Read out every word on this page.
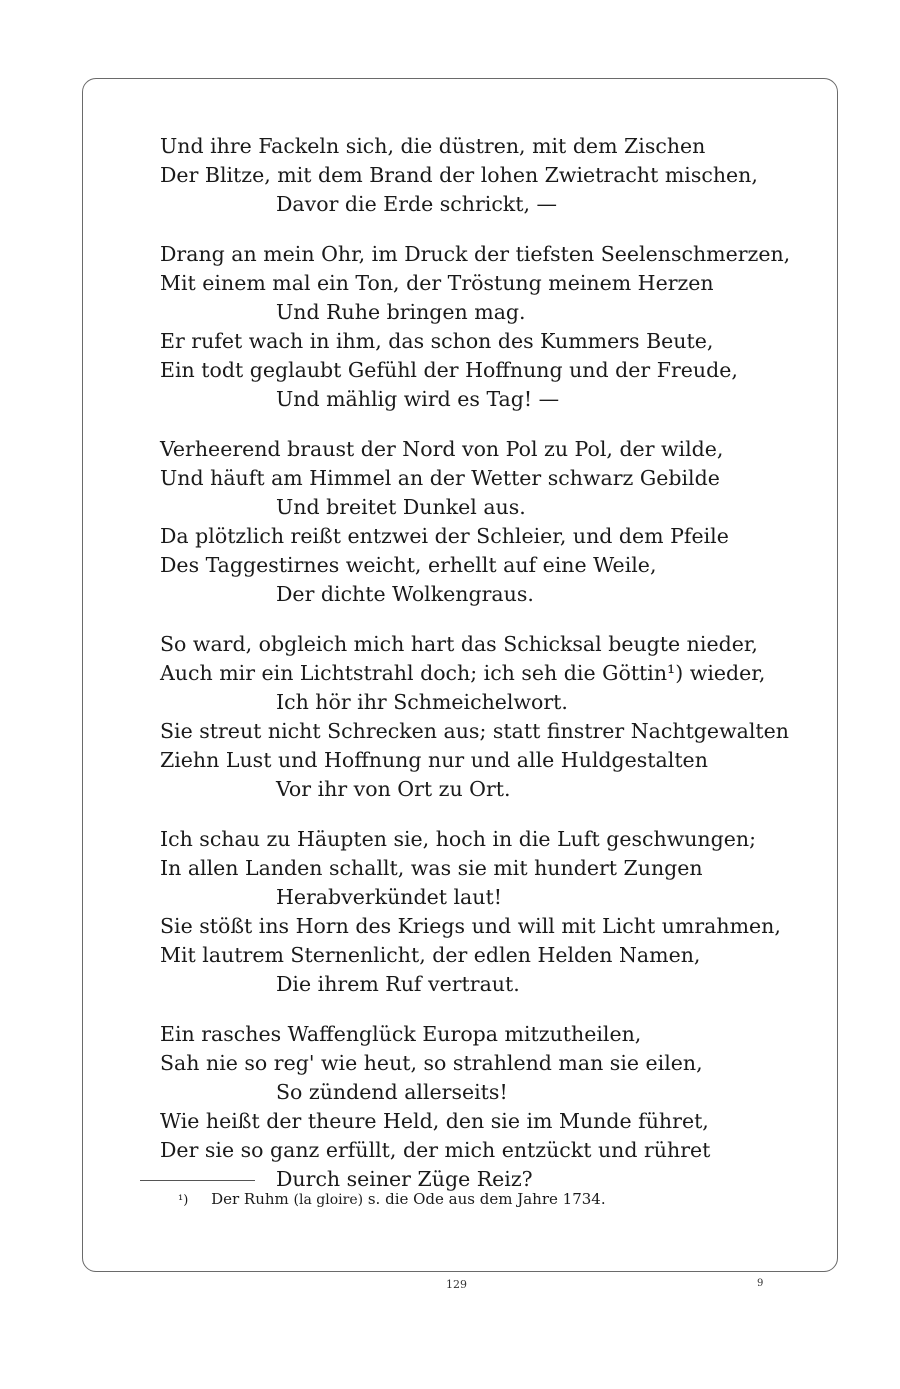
Und ihre Fackeln sich, die düstren, mit dem Zischen
Der Blitze, mit dem Brand der lohen Zwietracht mischen,
Davor die Erde schrickt, —
Drang an mein Ohr, im Druck der tiefsten Seelenschmerzen,
Mit einem mal ein Ton, der Tröstung meinem Herzen
Und Ruhe bringen mag.
Er rufet wach in ihm, das schon des Kummers Beute,
Ein todt geglaubt Gefühl der Hoffnung und der Freude,
Und mählig wird es Tag! —
Verheerend braust der Nord von Pol zu Pol, der wilde,
Und häuft am Himmel an der Wetter schwarz Gebilde
Und breitet Dunkel aus.
Da plötzlich reißt entzwei der Schleier, und dem Pfeile
Des Taggestirnes weicht, erhellt auf eine Weile,
Der dichte Wolkengraus.
So ward, obgleich mich hart das Schicksal beugte nieder,
Auch mir ein Lichtstrahl doch; ich seh die Göttin¹) wieder,
Ich hör ihr Schmeichelwort.
Sie streut nicht Schrecken aus; statt finstrer Nachtgewalten
Ziehn Lust und Hoffnung nur und alle Huldgestalten
Vor ihr von Ort zu Ort.
Ich schau zu Häupten sie, hoch in die Luft geschwungen;
In allen Landen schallt, was sie mit hundert Zungen
Herabverkündet laut!
Sie stößt ins Horn des Kriegs und will mit Licht umrahmen,
Mit lautrem Sternenlicht, der edlen Helden Namen,
Die ihrem Ruf vertraut.
Ein rasches Waffenglück Europa mitzutheilen,
Sah nie so reg' wie heut, so strahlend man sie eilen,
So zündend allerseits!
Wie heißt der theure Held, den sie im Munde führet,
Der sie so ganz erfüllt, der mich entzückt und rühret
Durch seiner Züge Reiz?
¹) Der Ruhm (la gloire) s. die Ode aus dem Jahre 1734.
129	9
